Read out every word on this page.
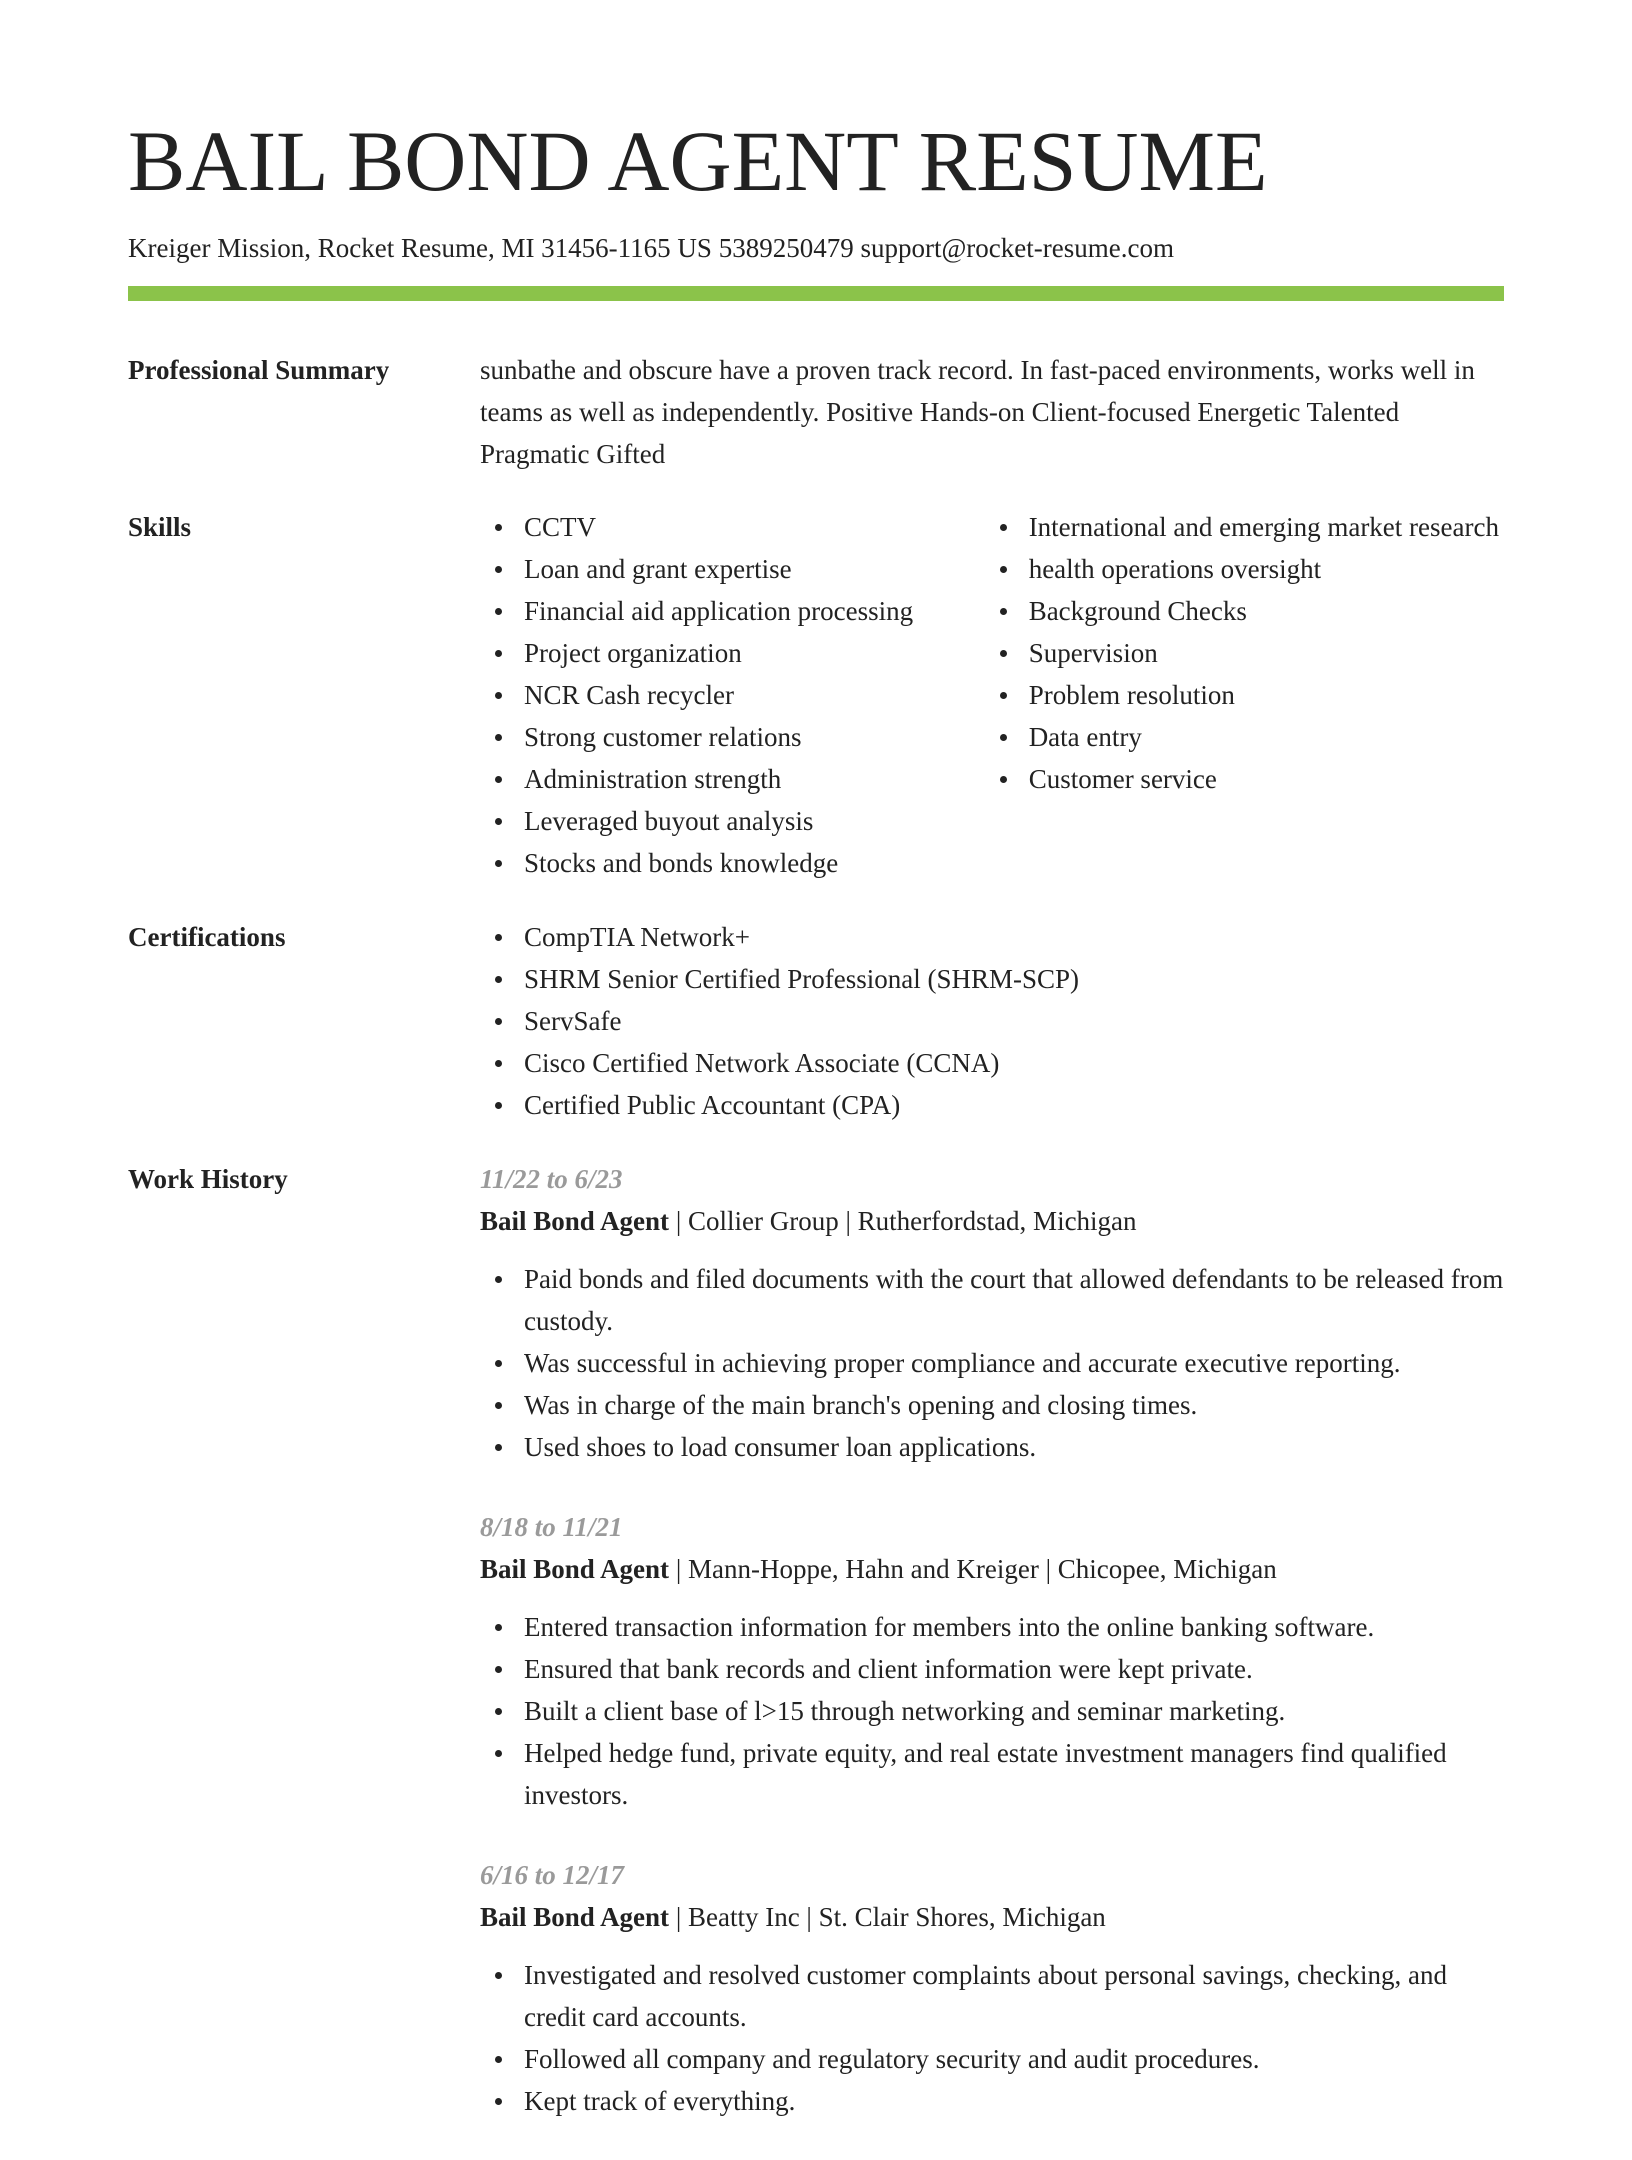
BAIL BOND AGENT RESUME
Kreiger Mission, Rocket Resume, MI 31456-1165 US 5389250479 support@rocket-resume.com
Professional Summary	sunbathe and obscure have a proven track record. In fast-paced environments, works well in teams as well as independently. Positive Hands-on Client-focused Energetic Talented Pragmatic Gifted

Skills	CCTV
Loan and grant expertise
Financial aid application processing
Project organization
NCR Cash recycler
Strong customer relations
Administration strength
Leveraged buyout analysis
Stocks and bonds knowledge
International and emerging market research
health operations oversight
Background Checks
Supervision
Problem resolution
Data entry
Customer service
Certifications	CompTIA Network+
SHRM Senior Certified Professional (SHRM-SCP)
ServSafe
Cisco Certified Network Associate (CCNA)
Certified Public Accountant (CPA)
Work History	11/22 to 6/23
Bail Bond Agent | Collier Group | Rutherfordstad, Michigan
Paid bonds and filed documents with the court that allowed defendants to be released from custody.
Was successful in achieving proper compliance and accurate executive reporting.
Was in charge of the main branch's opening and closing times.
Used shoes to load consumer loan applications.
8/18 to 11/21
Bail Bond Agent | Mann-Hoppe, Hahn and Kreiger | Chicopee, Michigan
Entered transaction information for members into the online banking software.
Ensured that bank records and client information were kept private.
Built a client base of l>15 through networking and seminar marketing.
Helped hedge fund, private equity, and real estate investment managers find qualified investors.
6/16 to 12/17
Bail Bond Agent | Beatty Inc | St. Clair Shores, Michigan
Investigated and resolved customer complaints about personal savings, checking, and credit card accounts.
Followed all company and regulatory security and audit procedures.
Kept track of everything.
